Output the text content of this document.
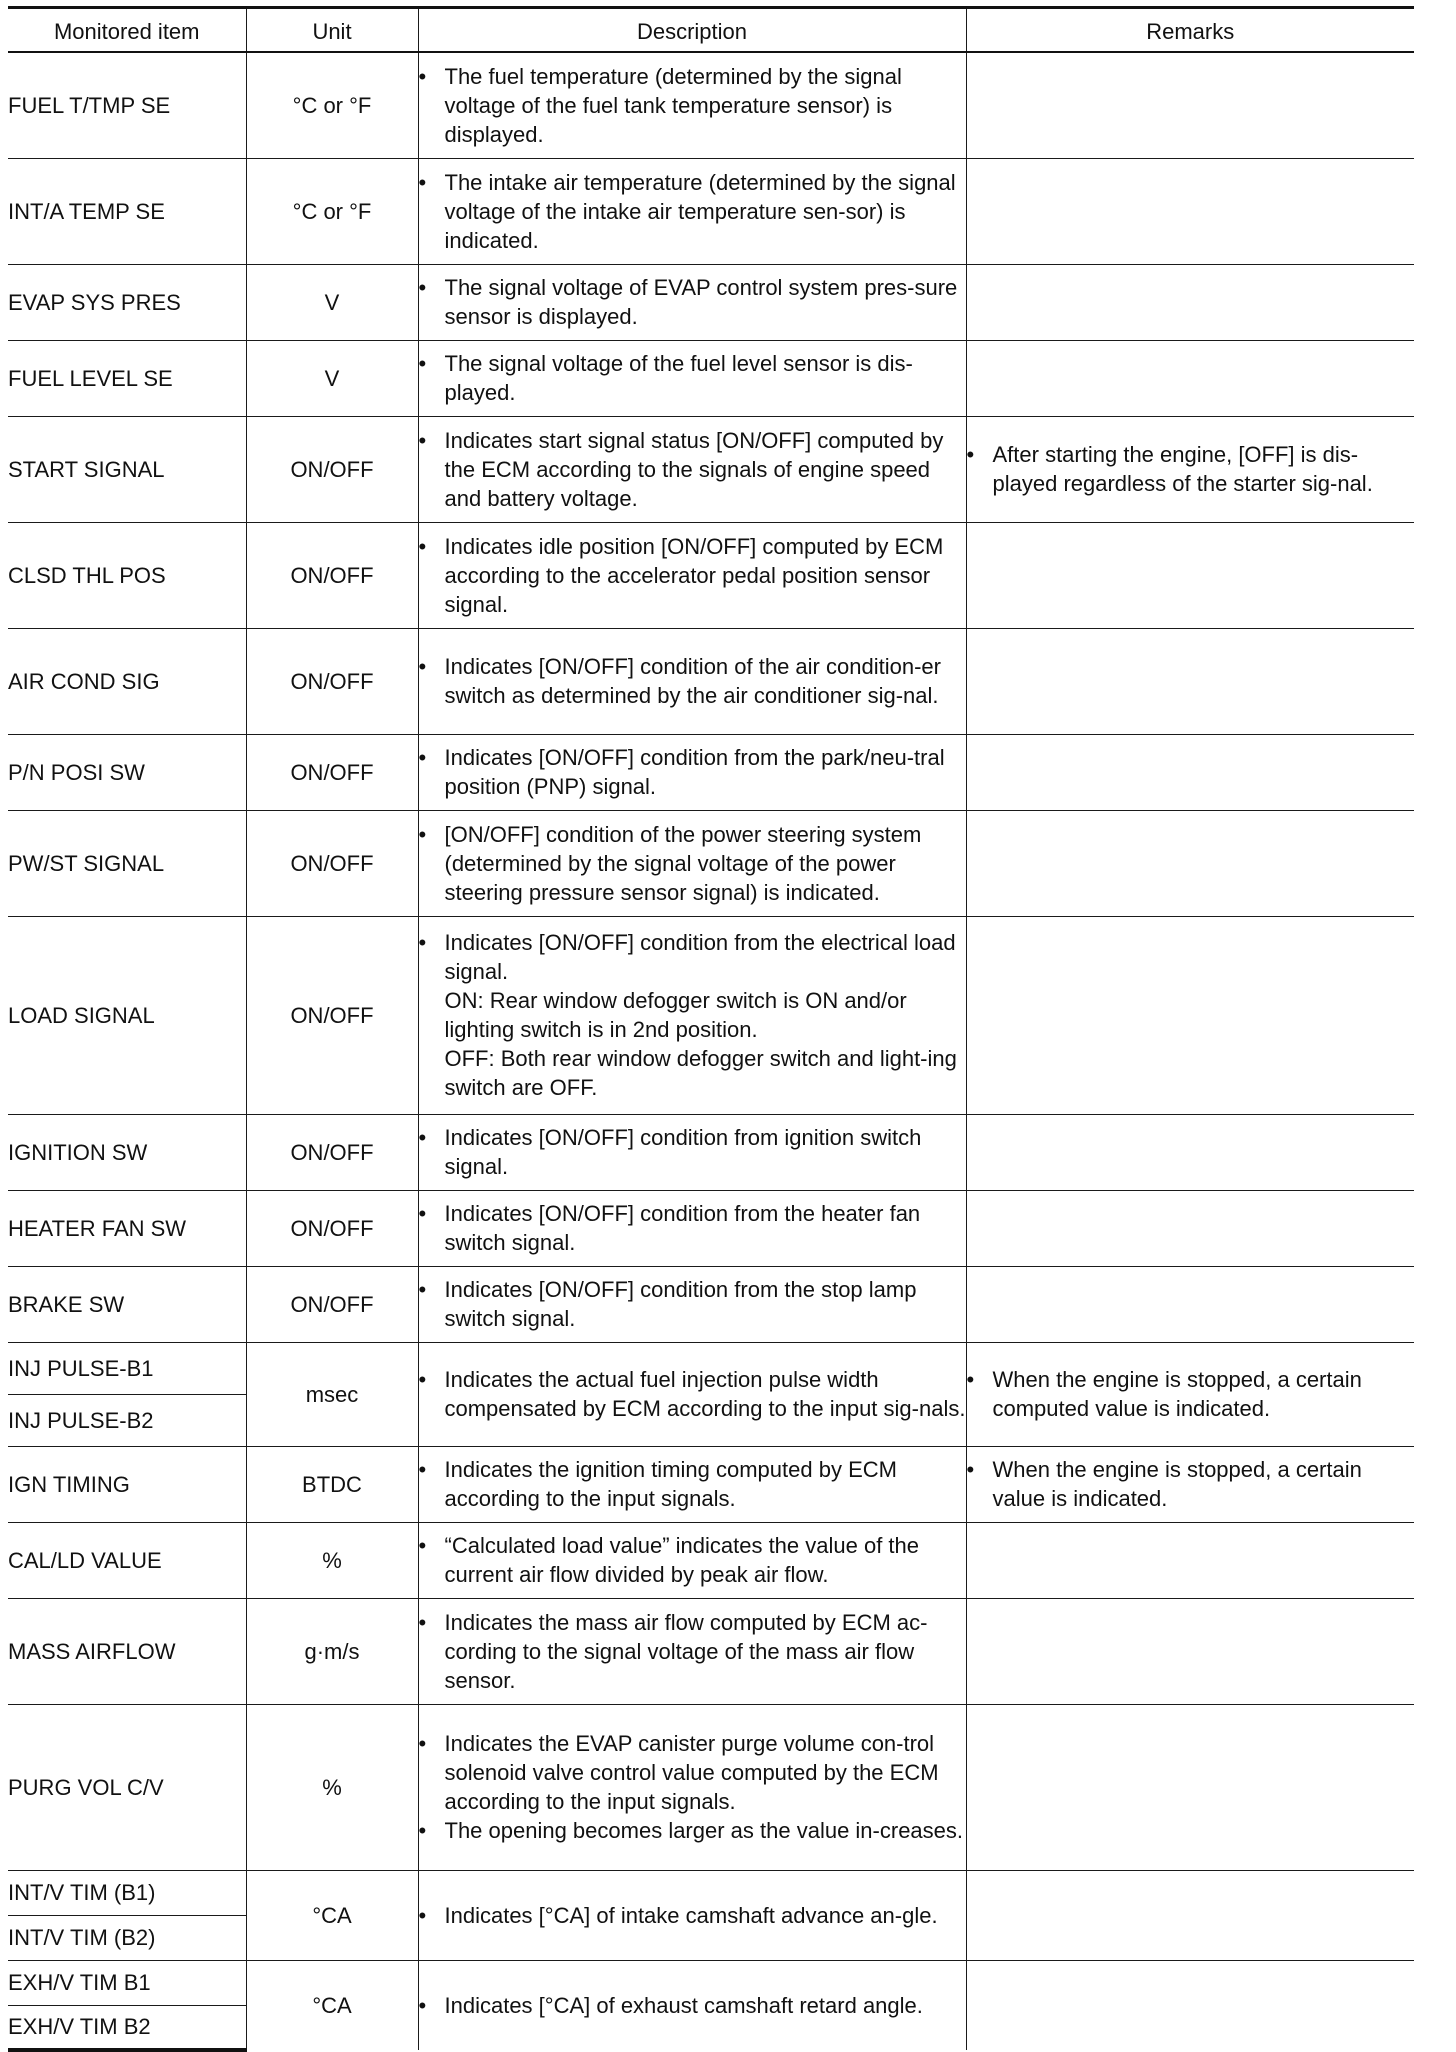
Monitored item	Unit	Description	Remarks
FUEL T/TMP SE	°C or °F	• The fuel temperature (determined by the signal voltage of the fuel tank temperature sensor) is displayed.	

INT/A TEMP SE	°C or °F	• The intake air temperature (determined by the signal voltage of the intake air temperature sen-sor) is indicated.	

EVAP SYS PRES	V	• The signal voltage of EVAP control system pres-sure sensor is displayed.	

FUEL LEVEL SE	V	• The signal voltage of the fuel level sensor is dis-played.	

START SIGNAL	ON/OFF	• Indicates start signal status [ON/OFF] computed by the ECM according to the signals of engine speed and battery voltage.	• After starting the engine, [OFF] is dis-played regardless of the starter sig-nal.

CLSD THL POS	ON/OFF	• Indicates idle position [ON/OFF] computed by ECM according to the accelerator pedal position sensor signal.	

AIR COND SIG	ON/OFF	• Indicates [ON/OFF] condition of the air condition-er switch as determined by the air conditioner sig-nal.	

P/N POSI SW	ON/OFF	• Indicates [ON/OFF] condition from the park/neu-tral position (PNP) signal.	

PW/ST SIGNAL	ON/OFF	• [ON/OFF] condition of the power steering system (determined by the signal voltage of the power steering pressure sensor signal) is indicated.	

LOAD SIGNAL	ON/OFF	• Indicates [ON/OFF] condition from the electrical load signal.
ON: Rear window defogger switch is ON and/or lighting switch is in 2nd position.
OFF: Both rear window defogger switch and light-ing switch are OFF.	

IGNITION SW	ON/OFF	• Indicates [ON/OFF] condition from ignition switch signal.	

HEATER FAN SW	ON/OFF	• Indicates [ON/OFF] condition from the heater fan switch signal.	

BRAKE SW	ON/OFF	• Indicates [ON/OFF] condition from the stop lamp switch signal.	

INJ PULSE-B1	msec	• Indicates the actual fuel injection pulse width compensated by ECM according to the input sig-nals.	• When the engine is stopped, a certain computed value is indicated.

INJ PULSE-B2			
IGN TIMING	BTDC	• Indicates the ignition timing computed by ECM according to the input signals.	• When the engine is stopped, a certain value is indicated.

CAL/LD VALUE	%	• “Calculated load value” indicates the value of the current air flow divided by peak air flow.	

MASS AIRFLOW	g·m/s	• Indicates the mass air flow computed by ECM ac-cording to the signal voltage of the mass air flow sensor.	

PURG VOL C/V	%	• Indicates the EVAP canister purge volume con-trol solenoid valve control value computed by the ECM according to the input signals.
• The opening becomes larger as the value in-creases.	

INT/V TIM (B1)	°CA	• Indicates [°CA] of intake camshaft advance an-gle.	

INT/V TIM (B2)			
EXH/V TIM B1	°CA	• Indicates [°CA] of exhaust camshaft retard angle.	

EXH/V TIM B2			
